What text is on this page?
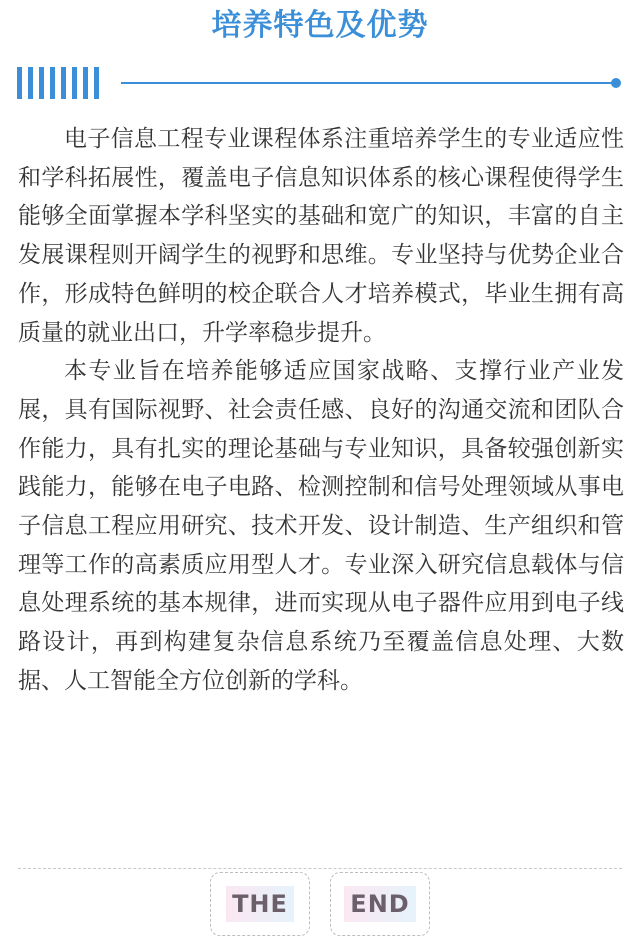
培养特色及优势

电子信息工程专业课程体系注重培养学生的专业适应性和学科拓展性，覆盖电子信息知识体系的核心课程使得学生能够全面掌握本学科坚实的基础和宽广的知识，丰富的自主发展课程则开阔学生的视野和思维。专业坚持与优势企业合作，形成特色鲜明的校企联合人才培养模式，毕业生拥有高质量的就业出口，升学率稳步提升。

本专业旨在培养能够适应国家战略、支撑行业产业发展，具有国际视野、社会责任感、良好的沟通交流和团队合作能力，具有扎实的理论基础与专业知识，具备较强创新实践能力，能够在电子电路、检测控制和信号处理领域从事电子信息工程应用研究、技术开发、设计制造、生产组织和管理等工作的高素质应用型人才。专业深入研究信息载体与信息处理系统的基本规律，进而实现从电子器件应用到电子线路设计，再到构建复杂信息系统乃至覆盖信息处理、大数据、人工智能全方位创新的学科。

THE	END
